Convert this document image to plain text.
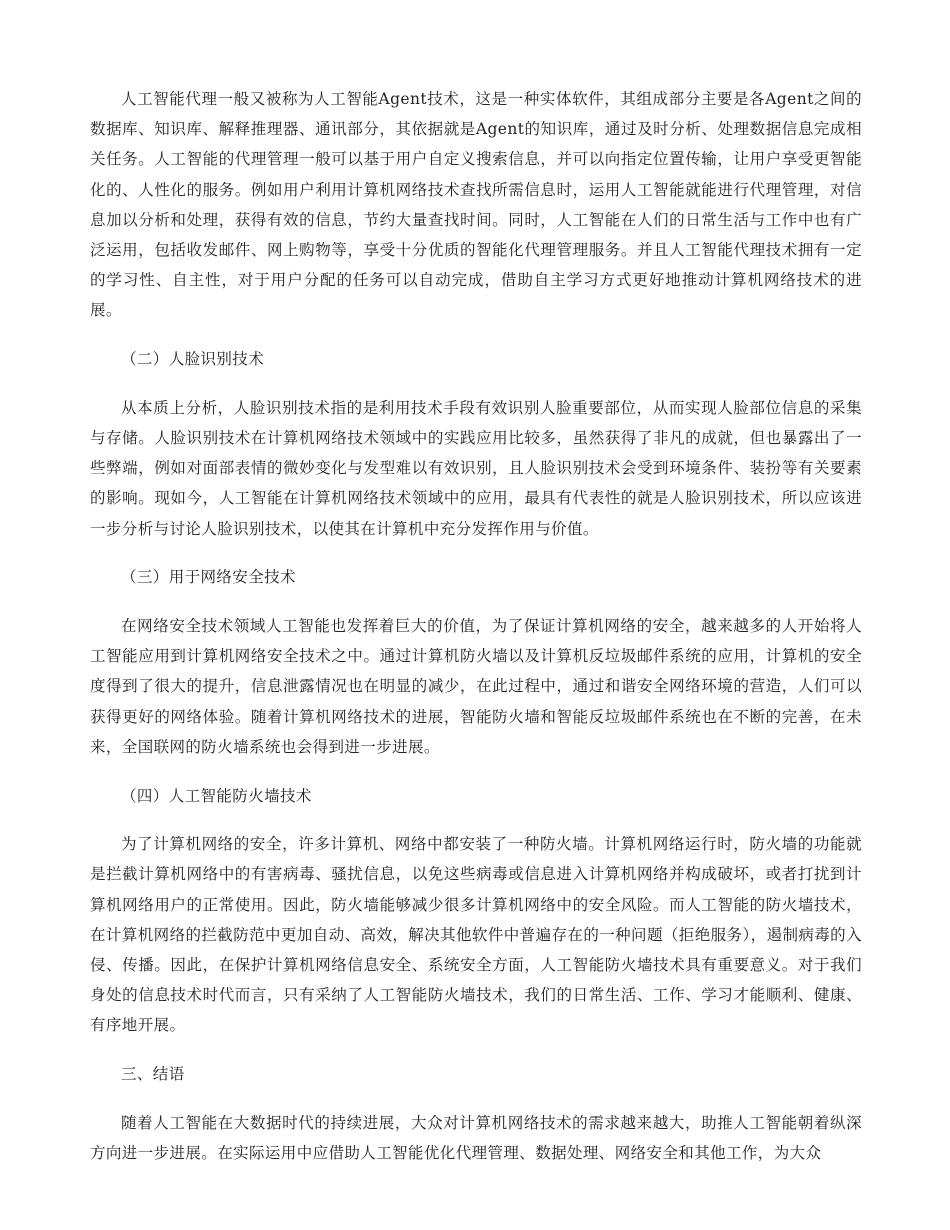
人工智能代理一般又被称为人工智能Agent技术，这是一种实体软件，其组成部分主要是各Agent之间的数据库、知识库、解释推理器、通讯部分，其依据就是Agent的知识库，通过及时分析、处理数据信息完成相关任务。人工智能的代理管理一般可以基于用户自定义搜索信息，并可以向指定位置传输，让用户享受更智能化的、人性化的服务。例如用户利用计算机网络技术查找所需信息时，运用人工智能就能进行代理管理，对信息加以分析和处理，获得有效的信息，节约大量查找时间。同时，人工智能在人们的日常生活与工作中也有广泛运用，包括收发邮件、网上购物等，享受十分优质的智能化代理管理服务。并且人工智能代理技术拥有一定的学习性、自主性，对于用户分配的任务可以自动完成，借助自主学习方式更好地推动计算机网络技术的进展。

（二）人脸识别技术

从本质上分析，人脸识别技术指的是利用技术手段有效识别人脸重要部位，从而实现人脸部位信息的采集与存储。人脸识别技术在计算机网络技术领域中的实践应用比较多，虽然获得了非凡的成就，但也暴露出了一些弊端，例如对面部表情的微妙变化与发型难以有效识别，且人脸识别技术会受到环境条件、装扮等有关要素的影响。现如今，人工智能在计算机网络技术领域中的应用，最具有代表性的就是人脸识别技术，所以应该进一步分析与讨论人脸识别技术，以使其在计算机中充分发挥作用与价值。

（三）用于网络安全技术

在网络安全技术领域人工智能也发挥着巨大的价值，为了保证计算机网络的安全，越来越多的人开始将人工智能应用到计算机网络安全技术之中。通过计算机防火墙以及计算机反垃圾邮件系统的应用，计算机的安全度得到了很大的提升，信息泄露情况也在明显的减少，在此过程中，通过和谐安全网络环境的营造，人们可以获得更好的网络体验。随着计算机网络技术的进展，智能防火墙和智能反垃圾邮件系统也在不断的完善，在未来，全国联网的防火墙系统也会得到进一步进展。

（四）人工智能防火墙技术

为了计算机网络的安全，许多计算机、网络中都安装了一种防火墙。计算机网络运行时，防火墙的功能就是拦截计算机网络中的有害病毒、骚扰信息，以免这些病毒或信息进入计算机网络并构成破坏，或者打扰到计算机网络用户的正常使用。因此，防火墙能够减少很多计算机网络中的安全风险。而人工智能的防火墙技术，在计算机网络的拦截防范中更加自动、高效，解决其他软件中普遍存在的一种问题（拒绝服务），遏制病毒的入侵、传播。因此，在保护计算机网络信息安全、系统安全方面，人工智能防火墙技术具有重要意义。对于我们身处的信息技术时代而言，只有采纳了人工智能防火墙技术，我们的日常生活、工作、学习才能顺利、健康、有序地开展。

三、结语

随着人工智能在大数据时代的持续进展，大众对计算机网络技术的需求越来越大，助推人工智能朝着纵深方向进一步进展。在实际运用中应借助人工智能优化代理管理、数据处理、网络安全和其他工作，为大众
